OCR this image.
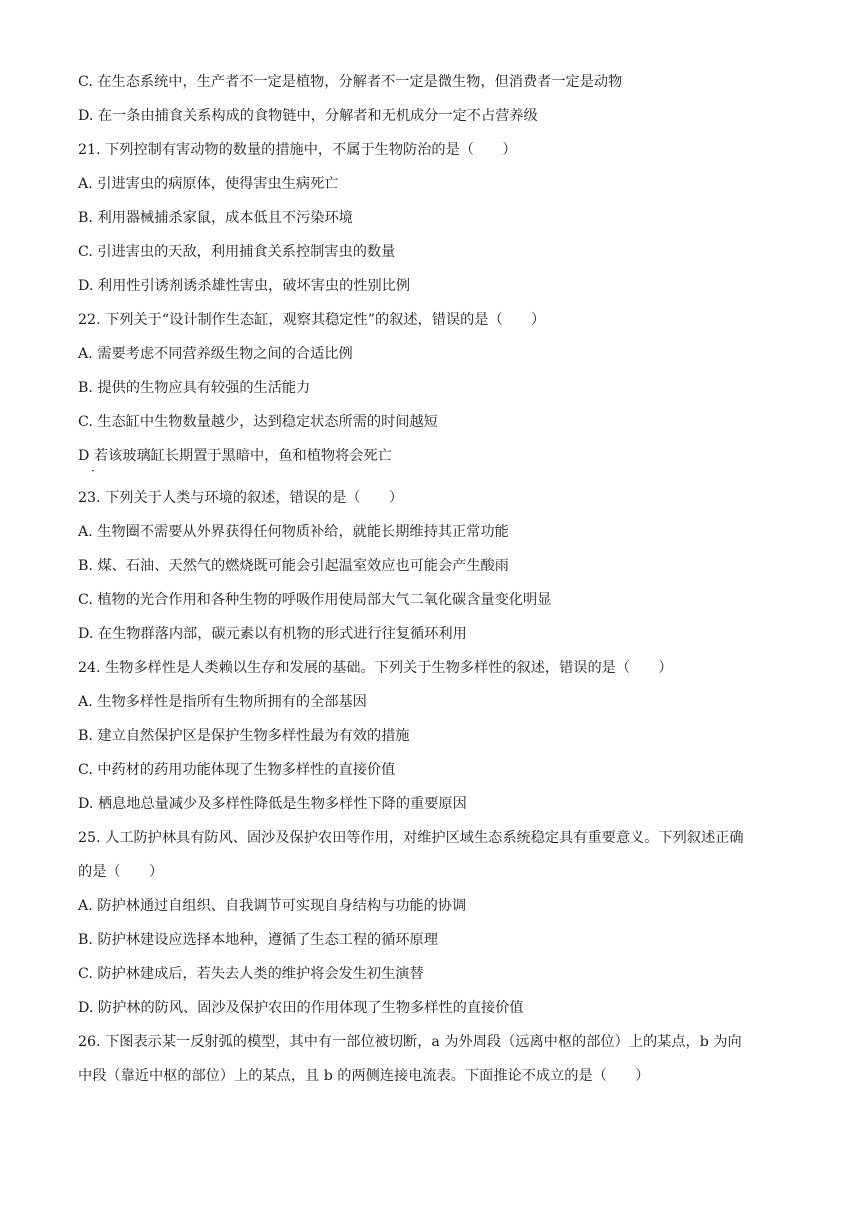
C. 在生态系统中，生产者不一定是植物，分解者不一定是微生物，但消费者一定是动物
D. 在一条由捕食关系构成的食物链中，分解者和无机成分一定不占营养级
21. 下列控制有害动物的数量的措施中，不属于生物防治的是（　　）
A. 引进害虫的病原体，使得害虫生病死亡
B. 利用器械捕杀家鼠，成本低且不污染环境
C. 引进害虫的天敌，利用捕食关系控制害虫的数量
D. 利用性引诱剂诱杀雄性害虫，破坏害虫的性别比例
22. 下列关于“设计制作生态缸，观察其稳定性”的叙述，错误的是（　　）
A. 需要考虑不同营养级生物之间的合适比例
B. 提供的生物应具有较强的生活能力
C. 生态缸中生物数量越少，达到稳定状态所需的时间越短
D 若该玻璃缸长期置于黑暗中，鱼和植物将会死亡
·
23. 下列关于人类与环境的叙述，错误的是（　　）
A. 生物圈不需要从外界获得任何物质补给，就能长期维持其正常功能
B. 煤、石油、天然气的燃烧既可能会引起温室效应也可能会产生酸雨
C. 植物的光合作用和各种生物的呼吸作用使局部大气二氧化碳含量变化明显
D. 在生物群落内部，碳元素以有机物的形式进行往复循环利用
24. 生物多样性是人类赖以生存和发展的基础。下列关于生物多样性的叙述，错误的是（　　）
A. 生物多样性是指所有生物所拥有的全部基因
B. 建立自然保护区是保护生物多样性最为有效的措施
C. 中药材的药用功能体现了生物多样性的直接价值
D. 栖息地总量减少及多样性降低是生物多样性下降的重要原因
25. 人工防护林具有防风、固沙及保护农田等作用，对维护区域生态系统稳定具有重要意义。下列叙述正确
的是（　　）
A. 防护林通过自组织、自我调节可实现自身结构与功能的协调
B. 防护林建设应选择本地种，遵循了生态工程的循环原理
C. 防护林建成后，若失去人类的维护将会发生初生演替
D. 防护林的防风、固沙及保护农田的作用体现了生物多样性的直接价值
26. 下图表示某一反射弧的模型，其中有一部位被切断，a 为外周段（远离中枢的部位）上的某点，b 为向
中段（靠近中枢的部位）上的某点，且 b 的两侧连接电流表。下面推论不成立的是（　　）
